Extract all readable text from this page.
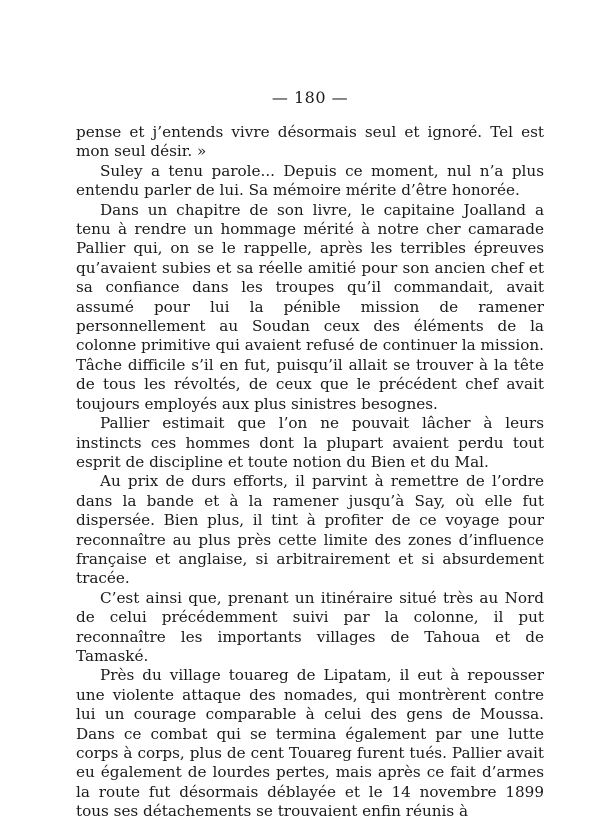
— 180 —

pense et j’entends vivre désormais seul et ignoré. Tel est mon seul désir. »

Suley a tenu parole... Depuis ce moment, nul n’a plus entendu parler de lui. Sa mémoire mérite d’être honorée.

Dans un chapitre de son livre, le capitaine Joalland a tenu à rendre un hommage mérité à notre cher camarade Pallier qui, on se le rappelle, après les terribles épreuves qu’avaient subies et sa réelle amitié pour son ancien chef et sa confiance dans les troupes qu’il commandait, avait assumé pour lui la pénible mission de ramener personnellement au Soudan ceux des éléments de la colonne primitive qui avaient refusé de continuer la mission. Tâche difficile s’il en fut, puisqu’il allait se trouver à la tête de tous les révoltés, de ceux que le précédent chef avait toujours employés aux plus sinistres besognes.

Pallier estimait que l’on ne pouvait lâcher à leurs instincts ces hommes dont la plupart avaient perdu tout esprit de discipline et toute notion du Bien et du Mal.

Au prix de durs efforts, il parvint à remettre de l’ordre dans la bande et à la ramener jusqu’à Say, où elle fut dispersée. Bien plus, il tint à profiter de ce voyage pour reconnaître au plus près cette limite des zones d’influence française et anglaise, si arbitrairement et si absurdement tracée.

C’est ainsi que, prenant un itinéraire situé très au Nord de celui précédemment suivi par la colonne, il put reconnaître les importants villages de Tahoua et de Tamaské.

Près du village touareg de Lipatam, il eut à repousser une violente attaque des nomades, qui montrèrent contre lui un courage comparable à celui des gens de Moussa. Dans ce combat qui se termina également par une lutte corps à corps, plus de cent Touareg furent tués. Pallier avait eu également de lourdes pertes, mais après ce fait d’armes la route fut désormais déblayée et le 14 novembre 1899 tous ses détachements se trouvaient enfin réunis à
